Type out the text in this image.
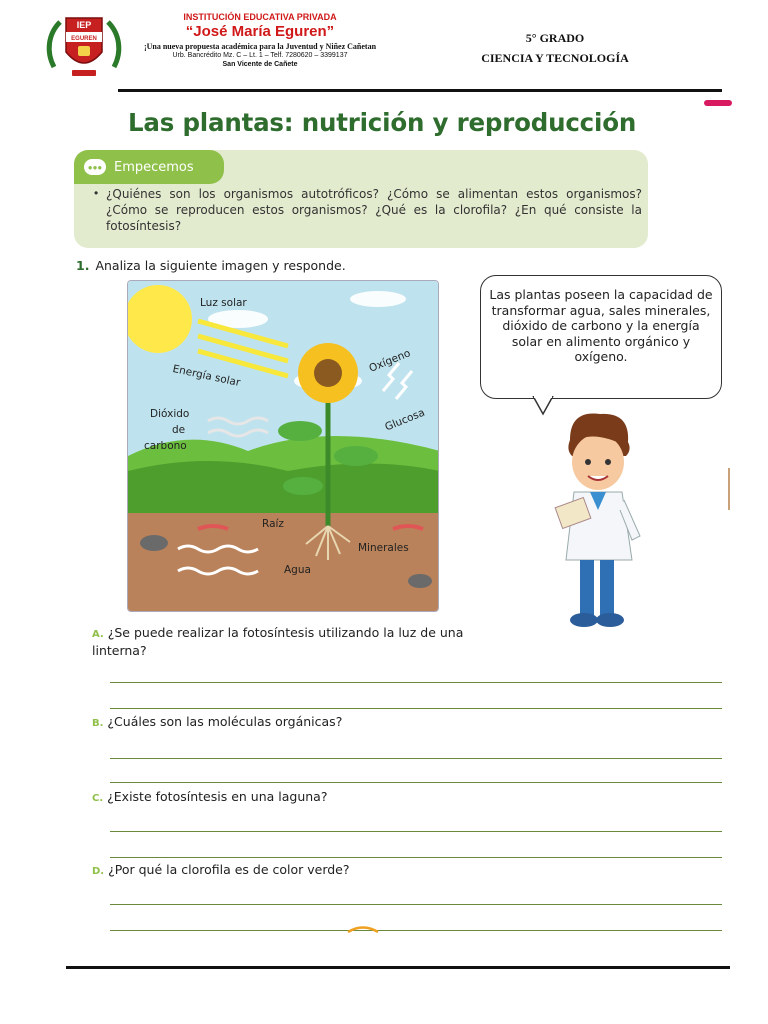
IEP
EGUREN
INSTITUCIÓN EDUCATIVA PRIVADA
“José María Eguren”
¡Una nueva propuesta académica para la Juventud y Niñez Cañetan
Urb. Bancrédito Mz. C – Lt. 1 – Telf. 7280620 – 3399137
San Vicente de Cañete
5° GRADO
CIENCIA Y TECNOLOGÍA
Las plantas: nutrición y reproducción
●●● Empecemos
• ¿Quiénes son los organismos autotróficos? ¿Cómo se alimentan estos organismos? ¿Cómo se reproducen estos organismos? ¿Qué es la clorofila? ¿En qué consiste la fotosíntesis?
1. Analiza la siguiente imagen y responde.
Luz solar
Energía solar
Dióxido
de
carbono
Oxígeno
Glucosa
Raíz
Minerales
Agua
Las plantas poseen la capacidad de transformar agua, sales minerales, dióxido de carbono y la energía solar en alimento orgánico y oxígeno.
A. ¿Se puede realizar la fotosíntesis utilizando la luz de una linterna?
B. ¿Cuáles son las moléculas orgánicas?
C. ¿Existe fotosíntesis en una laguna?
D. ¿Por qué la clorofila es de color verde?
